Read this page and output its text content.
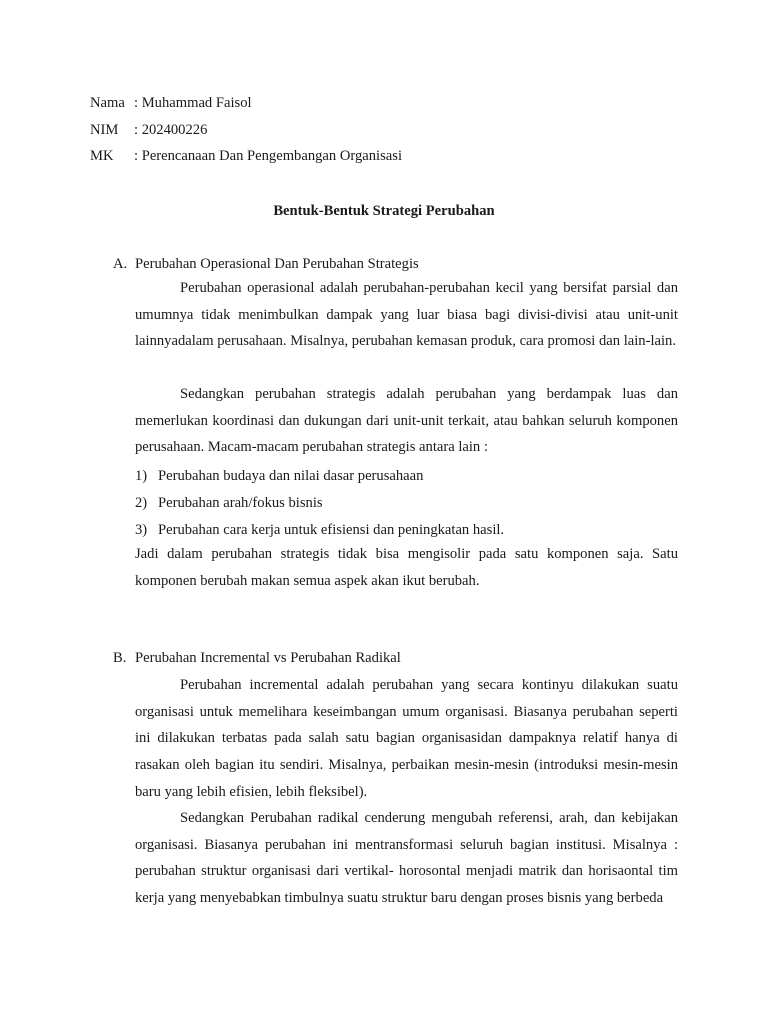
Nama : Muhammad Faisol
NIM : 202400226
MK : Perencanaan Dan Pengembangan Organisasi
Bentuk-Bentuk Strategi Perubahan
A. Perubahan Operasional Dan Perubahan Strategis

Perubahan operasional adalah perubahan-perubahan kecil yang bersifat parsial dan umumnya tidak menimbulkan dampak yang luar biasa bagi divisi-divisi atau unit-unit lainnyadalam perusahaan. Misalnya, perubahan kemasan produk, cara promosi dan lain-lain.

Sedangkan perubahan strategis adalah perubahan yang berdampak luas dan memerlukan koordinasi dan dukungan dari unit-unit terkait, atau bahkan seluruh komponen perusahaan. Macam-macam perubahan strategis antara lain :

1) Perubahan budaya dan nilai dasar perusahaan
2) Perubahan arah/fokus bisnis
3) Perubahan cara kerja untuk efisiensi dan peningkatan hasil.

Jadi dalam perubahan strategis tidak bisa mengisolir pada satu komponen saja. Satu komponen berubah makan semua aspek akan ikut berubah.

B. Perubahan Incremental vs Perubahan Radikal

Perubahan incremental adalah perubahan yang secara kontinyu dilakukan suatu organisasi untuk memelihara keseimbangan umum organisasi. Biasanya perubahan seperti ini dilakukan terbatas pada salah satu bagian organisasidan dampaknya relatif hanya di rasakan oleh bagian itu sendiri. Misalnya, perbaikan mesin-mesin (introduksi mesin-mesin baru yang lebih efisien, lebih fleksibel).

Sedangkan Perubahan radikal cenderung mengubah referensi, arah, dan kebijakan organisasi. Biasanya perubahan ini mentransformasi seluruh bagian institusi. Misalnya : perubahan struktur organisasi dari vertikal- horosontal menjadi matrik dan horisaontal tim kerja yang menyebabkan timbulnya suatu struktur baru dengan proses bisnis yang berbeda
